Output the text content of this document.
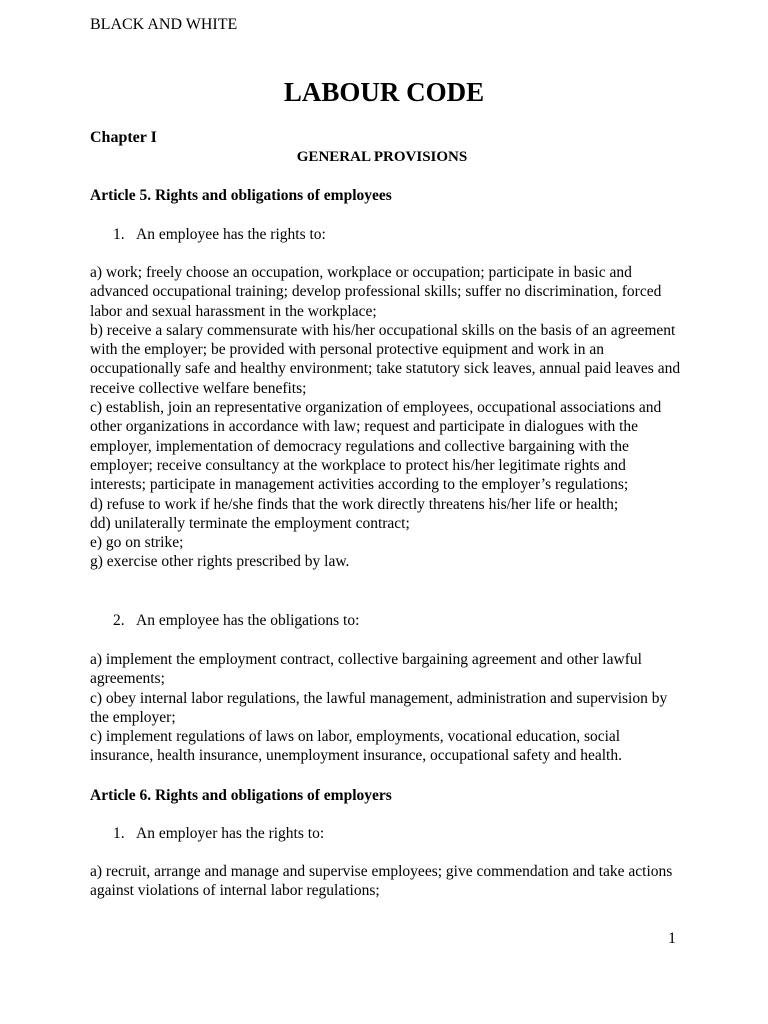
BLACK AND WHITE
LABOUR CODE
Chapter I
GENERAL PROVISIONS
Article 5. Rights and obligations of employees
1. An employee has the rights to:

a) work; freely choose an occupation, workplace or occupation; participate in basic and advanced occupational training; develop professional skills; suffer no discrimination, forced labor and sexual harassment in the workplace;

b) receive a salary commensurate with his/her occupational skills on the basis of an agreement with the employer; be provided with personal protective equipment and work in an occupationally safe and healthy environment; take statutory sick leaves, annual paid leaves and receive collective welfare benefits;

c) establish, join an representative organization of employees, occupational associations and other organizations in accordance with law; request and participate in dialogues with the employer, implementation of democracy regulations and collective bargaining with the employer; receive consultancy at the workplace to protect his/her legitimate rights and interests; participate in management activities according to the employer’s regulations;

d) refuse to work if he/she finds that the work directly threatens his/her life or health;

dd) unilaterally terminate the employment contract;

e) go on strike;

g) exercise other rights prescribed by law.

2. An employee has the obligations to:

a) implement the employment contract, collective bargaining agreement and other lawful agreements;

c) obey internal labor regulations, the lawful management, administration and supervision by the employer;

c) implement regulations of laws on labor, employments, vocational education, social insurance, health insurance, unemployment insurance, occupational safety and health.

Article 6. Rights and obligations of employers
1. An employer has the rights to:

a) recruit, arrange and manage and supervise employees; give commendation and take actions against violations of internal labor regulations;

1
